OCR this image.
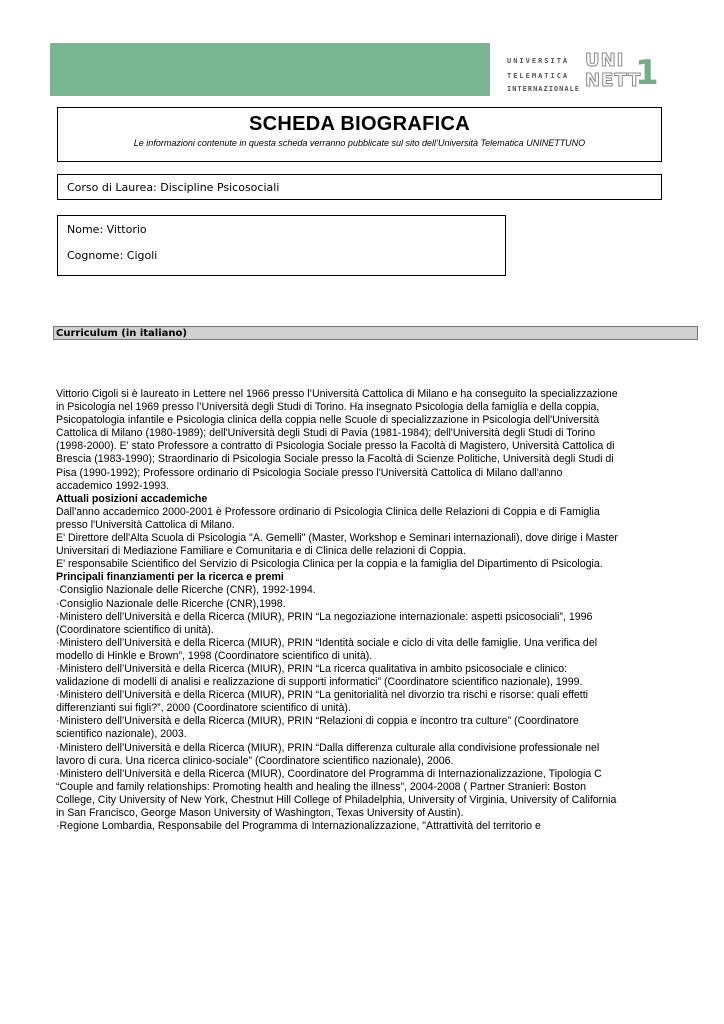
UNIVERSITÀ
TELEMATICA
INTERNAZIONALE
UNI
NETT
1
SCHEDA BIOGRAFICA
Le informazioni contenute in questa scheda verranno pubblicate sul sito dell’Università Telematica UNINETTUNO
Corso di Laurea: Discipline Psicosociali
Nome: Vittorio
Cognome: Cigoli
Curriculum (in italiano)

Vittorio Cigoli si è laureato in Lettere nel 1966 presso l’Università Cattolica di Milano e ha conseguito la specializzazione in Psicologia nel 1969 presso l’Università degli Studi di Torino. Ha insegnato Psicologia della famiglia e della coppia, Psicopatologia infantile e Psicologia clinica della coppia nelle Scuole di specializzazione in Psicologia dell'Università Cattolica di Milano (1980-1989); dell'Università degli Studi di Pavia (1981-1984); dell'Università degli Studi di Torino (1998-2000). E' stato Professore a contratto di Psicologia Sociale presso la Facoltà di Magistero, Università Cattolica di Brescia (1983-1990); Straordinario di Psicologia Sociale presso la Facoltà di Scienze Politiche, Università degli Studi di Pisa (1990-1992); Professore ordinario di Psicologia Sociale presso l'Università Cattolica di Milano dall'anno accademico 1992-1993.

Attuali posizioni accademiche

Dall'anno accademico 2000-2001 è Professore ordinario di Psicologia Clinica delle Relazioni di Coppia e di Famiglia presso l'Università Cattolica di Milano.

E' Direttore dell'Alta Scuola di Psicologia "A. Gemelli" (Master, Workshop e Seminari internazionali), dove dirige i Master Universitari di Mediazione Familiare e Comunitaria e di Clinica delle relazioni di Coppia.

E' responsabile Scientifico del Servizio di Psicologia Clinica per la coppia e la famiglia del Dipartimento di Psicologia.

Principali finanziamenti per la ricerca e premi

·Consiglio Nazionale delle Ricerche (CNR), 1992-1994.

·Consiglio Nazionale delle Ricerche (CNR),1998.

·Ministero dell’Università e della Ricerca (MIUR), PRIN “La negoziazione internazionale: aspetti psicosociali”, 1996 (Coordinatore scientifico di unità).

·Ministero dell’Università e della Ricerca (MIUR), PRIN “Identità sociale e ciclo di vita delle famiglie. Una verifica del modello di Hinkle e Brown”, 1998 (Coordinatore scientifico di unità).

·Ministero dell’Università e della Ricerca (MIUR), PRIN “La ricerca qualitativa in ambito psicosociale e clinico: validazione di modelli di analisi e realizzazione di supporti informatici” (Coordinatore scientifico nazionale), 1999.

·Ministero dell’Università e della Ricerca (MIUR), PRIN “La genitorialità nel divorzio tra rischi e risorse: quali effetti differenzianti sui figli?”, 2000 (Coordinatore scientifico di unità).

·Ministero dell’Università e della Ricerca (MIUR), PRIN “Relazioni di coppia e incontro tra culture” (Coordinatore scientifico nazionale), 2003.

·Ministero dell’Università e della Ricerca (MIUR), PRIN “Dalla differenza culturale alla condivisione professionale nel lavoro di cura. Una ricerca clinico-sociale” (Coordinatore scientifico nazionale), 2006.

·Ministero dell’Università e della Ricerca (MIUR), Coordinatore del Programma di Internazionalizzazione, Tipologia C “Couple and family relationships: Promoting health and healing the illness”, 2004-2008 ( Partner Stranieri: Boston College, City University of New York, Chestnut Hill College of Philadelphia, University of Virginia, University of California in San Francisco, George Mason University of Washington, Texas University of Austin).

·Regione Lombardia, Responsabile del Programma di Internazionalizzazione, "Attrattività del territorio e
